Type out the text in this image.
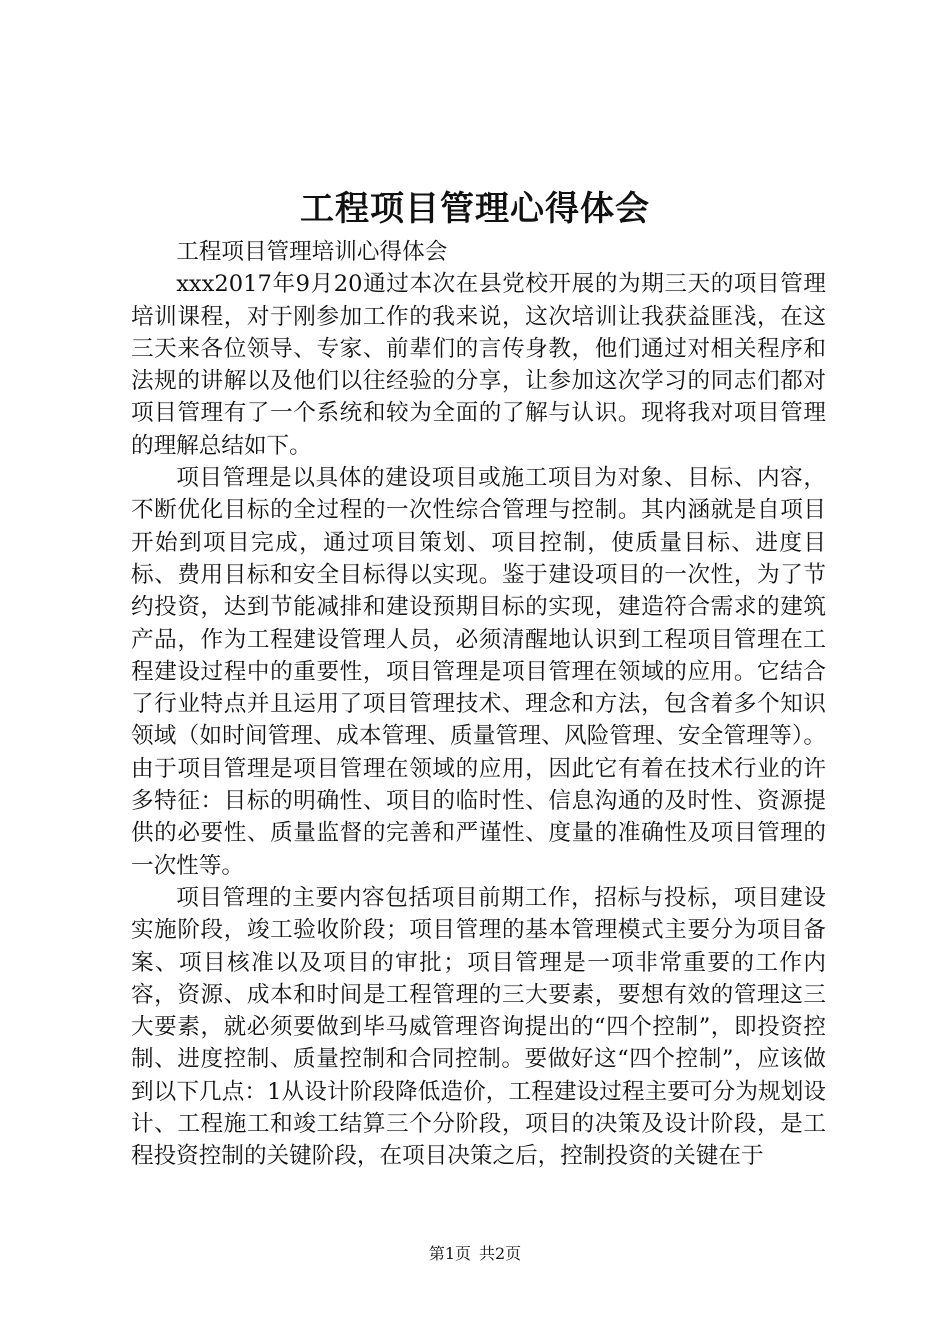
工程项目管理心得体会

工程项目管理培训心得体会

xxx2017年9月20通过本次在县党校开展的为期三天的项目管理培训课程，对于刚参加工作的我来说，这次培训让我获益匪浅，在这三天来各位领导、专家、前辈们的言传身教，他们通过对相关程序和法规的讲解以及他们以往经验的分享，让参加这次学习的同志们都对项目管理有了一个系统和较为全面的了解与认识。现将我对项目管理的理解总结如下。

项目管理是以具体的建设项目或施工项目为对象、目标、内容，不断优化目标的全过程的一次性综合管理与控制。其内涵就是自项目开始到项目完成，通过项目策划、项目控制，使质量目标、进度目标、费用目标和安全目标得以实现。鉴于建设项目的一次性，为了节约投资，达到节能减排和建设预期目标的实现，建造符合需求的建筑产品，作为工程建设管理人员，必须清醒地认识到工程项目管理在工程建设过程中的重要性，项目管理是项目管理在领域的应用。它结合了行业特点并且运用了项目管理技术、理念和方法，包含着多个知识领域（如时间管理、成本管理、质量管理、风险管理、安全管理等）。由于项目管理是项目管理在领域的应用，因此它有着在技术行业的许多特征：目标的明确性、项目的临时性、信息沟通的及时性、资源提供的必要性、质量监督的完善和严谨性、度量的准确性及项目管理的一次性等。

项目管理的主要内容包括项目前期工作，招标与投标，项目建设实施阶段，竣工验收阶段；项目管理的基本管理模式主要分为项目备案、项目核准以及项目的审批；项目管理是一项非常重要的工作内容，资源、成本和时间是工程管理的三大要素，要想有效的管理这三大要素，就必须要做到毕马威管理咨询提出的“四个控制”，即投资控制、进度控制、质量控制和合同控制。要做好这“四个控制”，应该做到以下几点：1从设计阶段降低造价，工程建设过程主要可分为规划设计、工程施工和竣工结算三个分阶段，项目的决策及设计阶段，是工程投资控制的关键阶段，在项目决策之后，控制投资的关键在于

第1页 共2页
